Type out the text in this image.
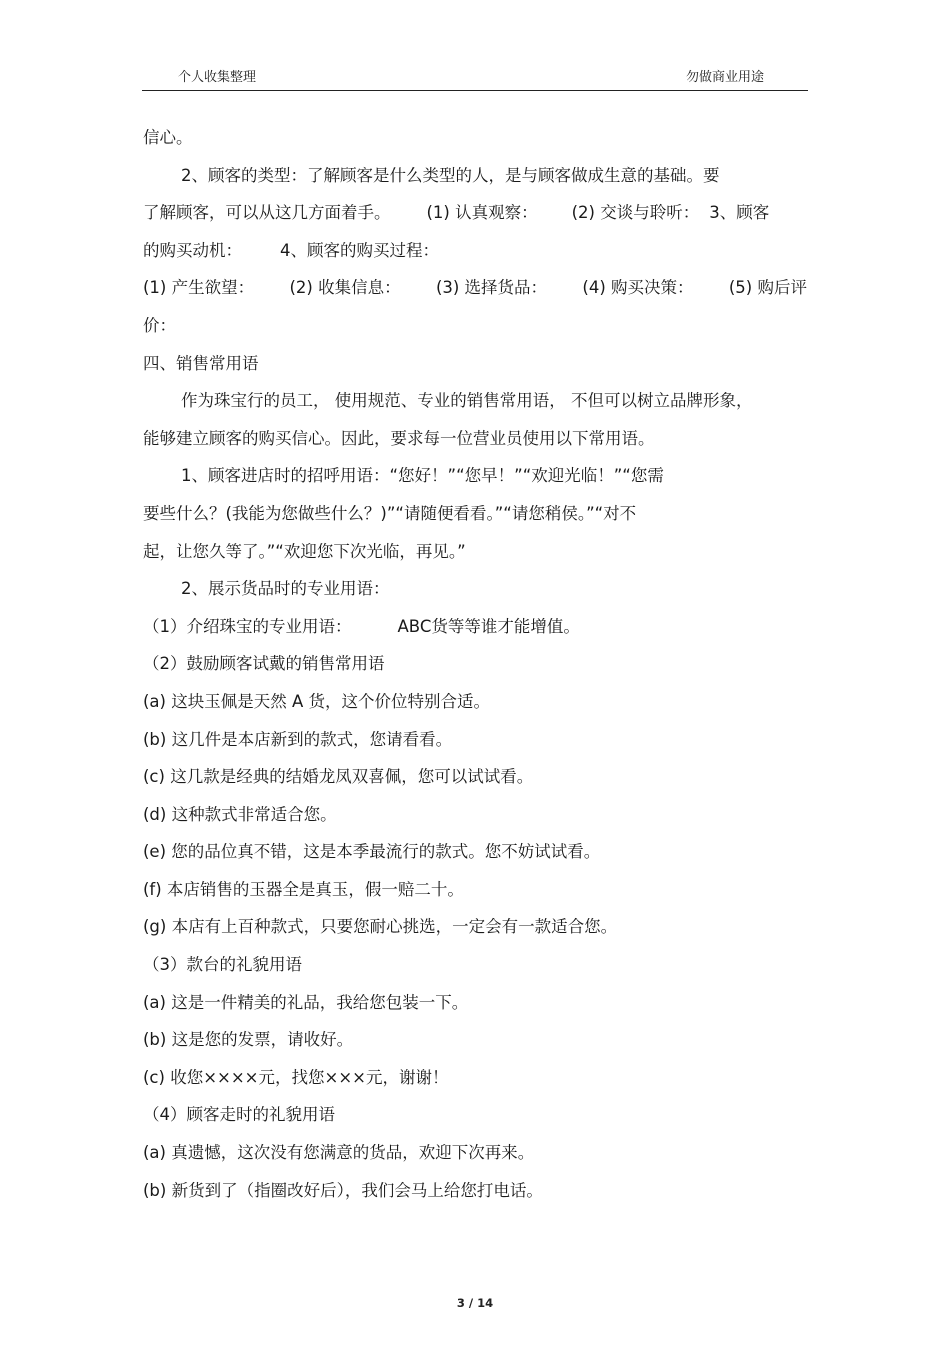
个人收集整理	勿做商业用途
信心。
2、顾客的类型：了解顾客是什么类型的人，是与顾客做成生意的基础。要
了解顾客，可以从这几方面着手。 (1) 认真观察： (2) 交谈与聆听： 3、顾客
的购买动机： 4、顾客的购买过程：
(1) 产生欲望： (2) 收集信息： (3) 选择货品： (4) 购买决策： (5) 购后评
价：
四、销售常用语
作为珠宝行的员工， 使用规范、专业的销售常用语， 不但可以树立品牌形象，
能够建立顾客的购买信心。因此，要求每一位营业员使用以下常用语。
1、顾客进店时的招呼用语：“您好！”“您早！”“欢迎光临！”“您需
要些什么？(我能为您做些什么？)”“请随便看看。”“请您稍侯。”“对不
起，让您久等了。”“欢迎您下次光临，再见。”
2、展示货品时的专业用语：
（1）介绍珠宝的专业用语：	ABC货等等谁才能增值。
（2）鼓励顾客试戴的销售常用语
(a) 这块玉佩是天然 A 货，这个价位特别合适。
(b) 这几件是本店新到的款式，您请看看。
(c) 这几款是经典的结婚龙凤双喜佩，您可以试试看。
(d) 这种款式非常适合您。
(e) 您的品位真不错，这是本季最流行的款式。您不妨试试看。
(f) 本店销售的玉器全是真玉，假一赔二十。
(g) 本店有上百种款式，只要您耐心挑选，一定会有一款适合您。
（3）款台的礼貌用语
(a) 这是一件精美的礼品，我给您包装一下。
(b) 这是您的发票，请收好。
(c) 收您××××元，找您×××元，谢谢！
（4）顾客走时的礼貌用语
(a) 真遗憾，这次没有您满意的货品，欢迎下次再来。
(b) 新货到了（指圈改好后），我们会马上给您打电话。
3 / 14
